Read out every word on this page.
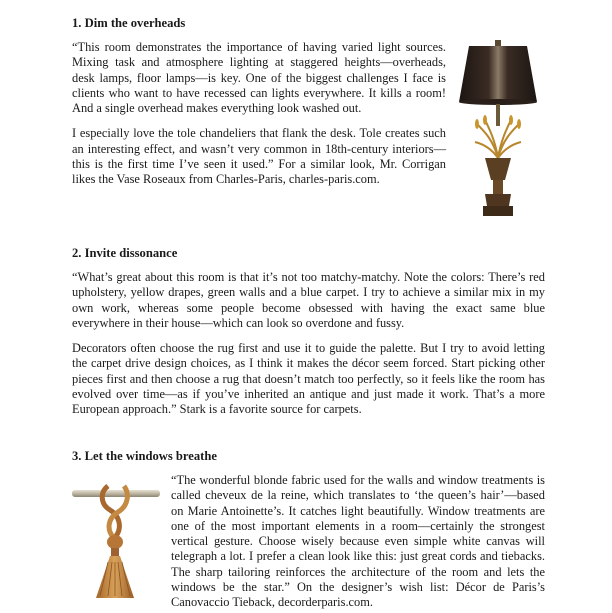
1. Dim the overheads

“This room demonstrates the importance of having varied light sources. Mixing task and atmosphere lighting at staggered heights—overheads, desk lamps, floor lamps—is key. One of the biggest challenges I face is clients who want to have recessed can lights everywhere. It kills a room! And a single overhead makes everything look washed out.

I especially love the tole chandeliers that flank the desk. Tole creates such an interesting effect, and wasn’t very common in 18th-century interiors—this is the first time I’ve seen it used.” For a similar look, Mr. Corrigan likes the Vase Roseaux from Charles-Paris, charles-paris.com.

2. Invite dissonance

“What’s great about this room is that it’s not too matchy-matchy. Note the colors: There’s red upholstery, yellow drapes, green walls and a blue carpet. I try to achieve a similar mix in my own work, whereas some people become obsessed with having the exact same blue everywhere in their house—which can look so overdone and fussy.

Decorators often choose the rug first and use it to guide the palette. But I try to avoid letting the carpet drive design choices, as I think it makes the décor seem forced. Start picking other pieces first and then choose a rug that doesn’t match too perfectly, so it feels like the room has evolved over time—as if you’ve inherited an antique and just made it work. That’s a more European approach.” Stark is a favorite source for carpets.

3. Let the windows breathe

“The wonderful blonde fabric used for the walls and window treatments is called cheveux de la reine, which translates to ‘the queen’s hair’—based on Marie Antoinette’s. It catches light beautifully. Window treatments are one of the most important elements in a room—certainly the strongest vertical gesture. Choose wisely because even simple white canvas will telegraph a lot. I prefer a clean look like this: just great cords and tiebacks. The sharp tailoring reinforces the architecture of the room and lets the windows be the star.” On the designer’s wish list: Décor de Paris’s Canovaccio Tieback, decorderparis.com.
